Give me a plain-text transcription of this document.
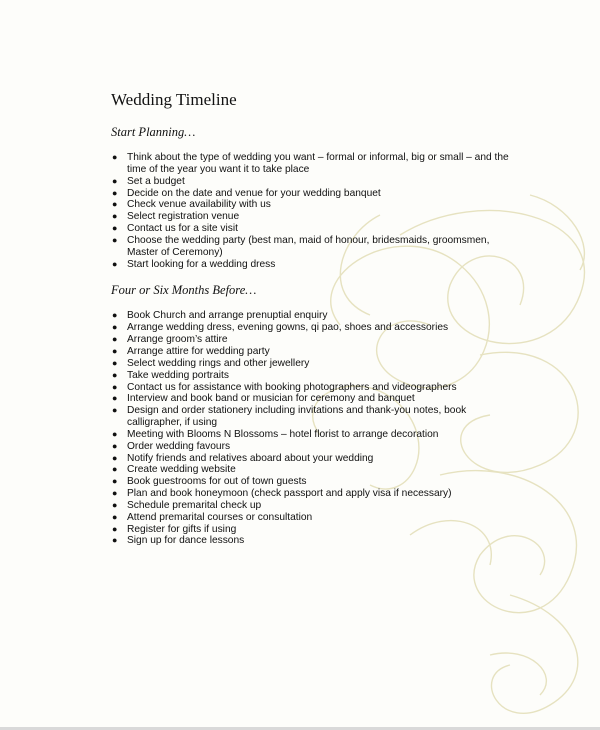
Wedding Timeline
Start Planning…
● Think about the type of wedding you want – formal or informal, big or small – and the time of the year you want it to take place
● Set a budget
● Decide on the date and venue for your wedding banquet
● Check venue availability with us
● Select registration venue
● Contact us for a site visit
● Choose the wedding party (best man, maid of honour, bridesmaids, groomsmen, Master of Ceremony)
● Start looking for a wedding dress
Four or Six Months Before…
● Book Church and arrange prenuptial enquiry
● Arrange wedding dress, evening gowns, qi pao, shoes and accessories
● Arrange groom’s attire
● Arrange attire for wedding party
● Select wedding rings and other jewellery
● Take wedding portraits
● Contact us for assistance with booking photographers and videographers
● Interview and book band or musician for ceremony and banquet
● Design and order stationery including invitations and thank-you notes, book calligrapher, if using
● Meeting with Blooms N Blossoms – hotel florist to arrange decoration
● Order wedding favours
● Notify friends and relatives aboard about your wedding
● Create wedding website
● Book guestrooms for out of town guests
● Plan and book honeymoon (check passport and apply visa if necessary)
● Schedule premarital check up
● Attend premarital courses or consultation
● Register for gifts if using
● Sign up for dance lessons
